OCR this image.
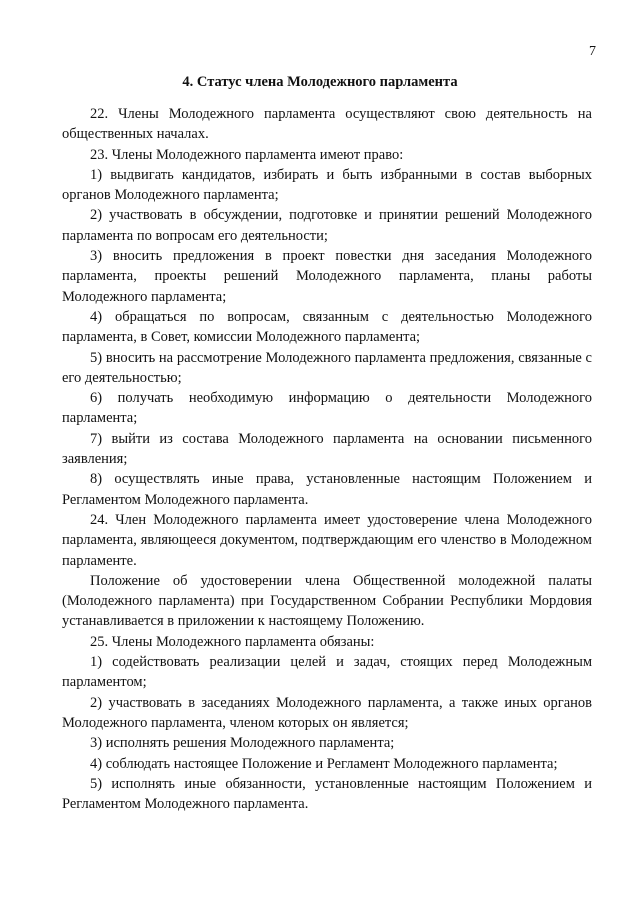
7
4. Статус члена Молодежного парламента

22. Члены Молодежного парламента осуществляют свою деятельность на общественных началах.

23. Члены Молодежного парламента имеют право:

1) выдвигать кандидатов, избирать и быть избранными в состав выборных органов Молодежного парламента;

2) участвовать в обсуждении, подготовке и принятии решений Молодежного парламента по вопросам его деятельности;

3) вносить предложения в проект повестки дня заседания Молодежного парламента, проекты решений Молодежного парламента, планы работы Молодежного парламента;

4) обращаться по вопросам, связанным с деятельностью Молодежного парламента, в Совет, комиссии Молодежного парламента;

5) вносить на рассмотрение Молодежного парламента предложения, связанные с его деятельностью;

6) получать необходимую информацию о деятельности Молодежного парламента;

7) выйти из состава Молодежного парламента на основании письменного заявления;

8) осуществлять иные права, установленные настоящим Положением и Регламентом Молодежного парламента.

24. Член Молодежного парламента имеет удостоверение члена Молодежного парламента, являющееся документом, подтверждающим его членство в Молодежном парламенте.

Положение об удостоверении члена Общественной молодежной палаты (Молодежного парламента) при Государственном Собрании Республики Мордовия устанавливается в приложении к настоящему Положению.

25. Члены Молодежного парламента обязаны:

1) содействовать реализации целей и задач, стоящих перед Молодежным парламентом;

2) участвовать в заседаниях Молодежного парламента, а также иных органов Молодежного парламента, членом которых он является;

3) исполнять решения Молодежного парламента;

4) соблюдать настоящее Положение и Регламент Молодежного парламента;

5) исполнять иные обязанности, установленные настоящим Положением и Регламентом Молодежного парламента.
